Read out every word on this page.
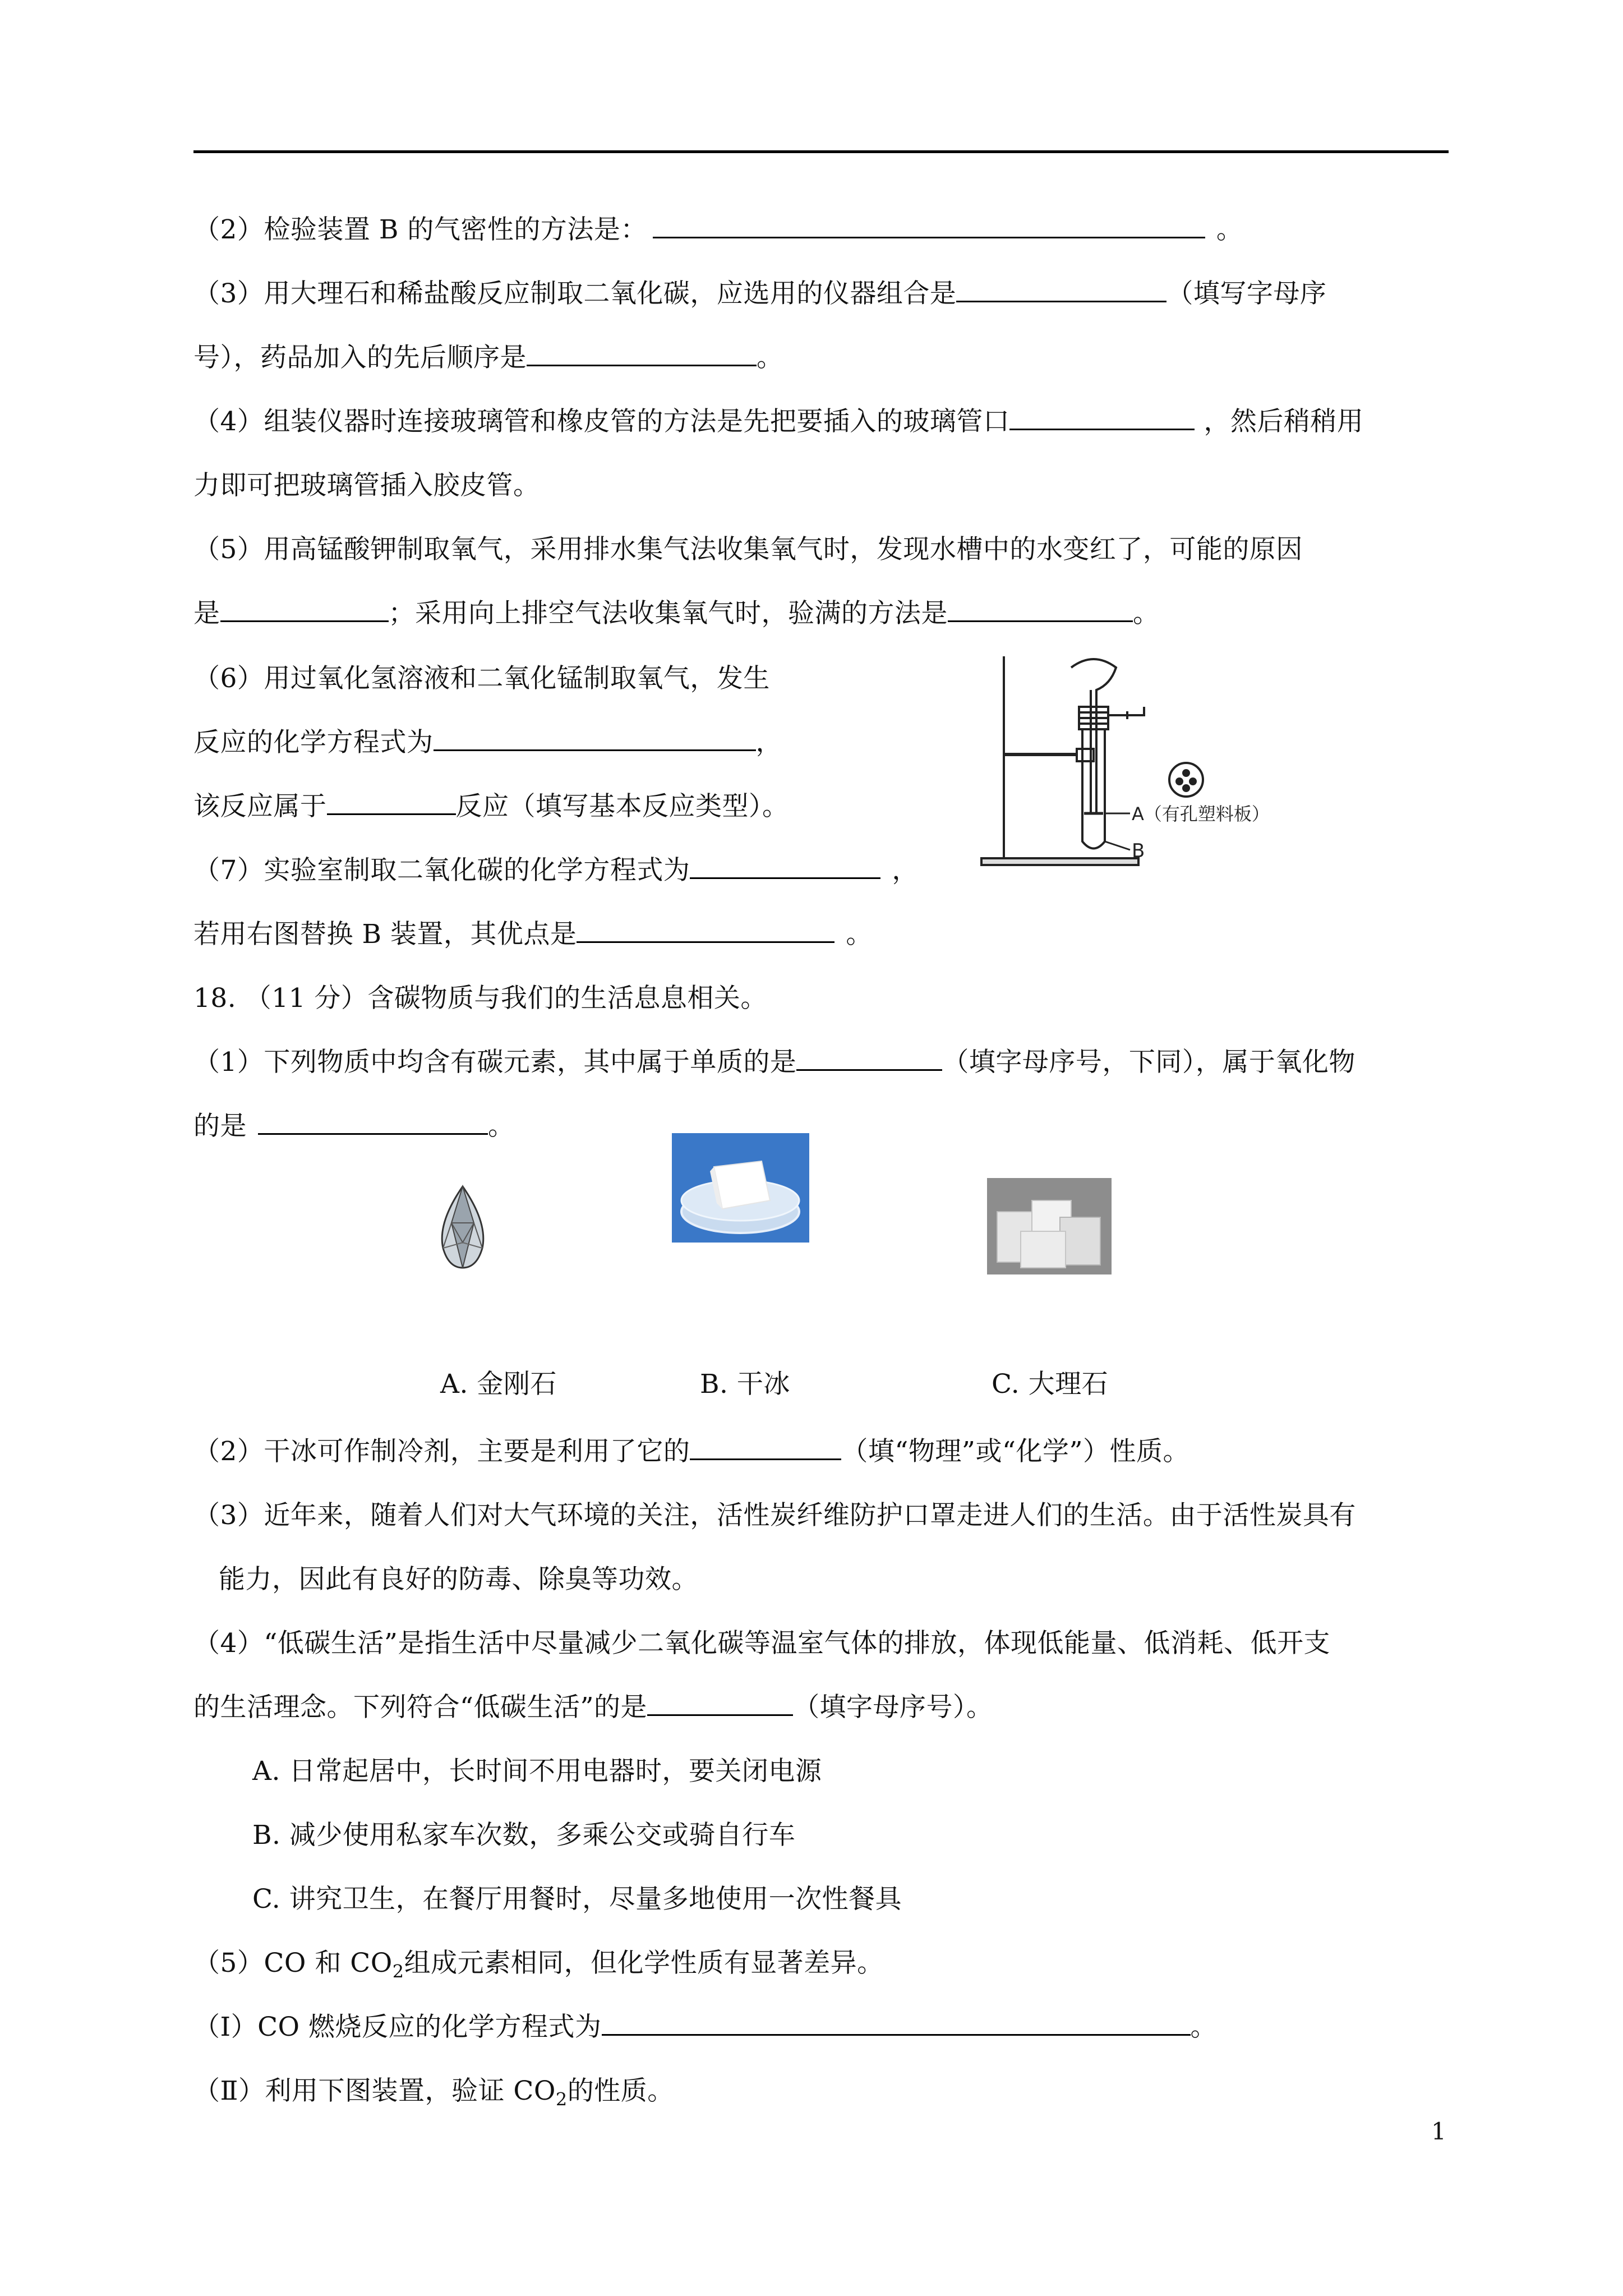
（2）检验装置 B 的气密性的方法是：	。
（3）用大理石和稀盐酸反应制取二氧化碳，应选用的仪器组合是	（填写字母序
号），药品加入的先后顺序是	。
（4）组装仪器时连接玻璃管和橡皮管的方法是先把要插入的玻璃管口	，然后稍稍用
力即可把玻璃管插入胶皮管。
（5）用高锰酸钾制取氧气，采用排水集气法收集氧气时，发现水槽中的水变红了，可能的原因
是	；采用向上排空气法收集氧气时，验满的方法是	。
（6）用过氧化氢溶液和二氧化锰制取氧气，发生
反应的化学方程式为	，
该反应属于	反应（填写基本反应类型）。
（7）实验室制取二氧化碳的化学方程式为	，
若用右图替换 B 装置，其优点是	。
A（有孔塑料板）
B
18. （11 分）含碳物质与我们的生活息息相关。
（1）下列物质中均含有碳元素，其中属于单质的是	（填字母序号，下同），属于氧化物
的是	。
A. 金刚石	B. 干冰	C. 大理石
（2）干冰可作制冷剂，主要是利用了它的	（填“物理”或“化学”）性质。
（3）近年来，随着人们对大气环境的关注，活性炭纤维防护口罩走进人们的生活。由于活性炭具有
能力，因此有良好的防毒、除臭等功效。
（4）“低碳生活”是指生活中尽量减少二氧化碳等温室气体的排放，体现低能量、低消耗、低开支
的生活理念。下列符合“低碳生活”的是	（填字母序号）。
A. 日常起居中，长时间不用电器时，要关闭电源
B. 减少使用私家车次数，多乘公交或骑自行车
C. 讲究卫生，在餐厅用餐时，尽量多地使用一次性餐具
（5）CO 和 $CO_2$组成元素相同，但化学性质有显著差异。
（Ⅰ）CO 燃烧反应的化学方程式为	。
（Ⅱ）利用下图装置，验证 $CO_2$的性质。
1
